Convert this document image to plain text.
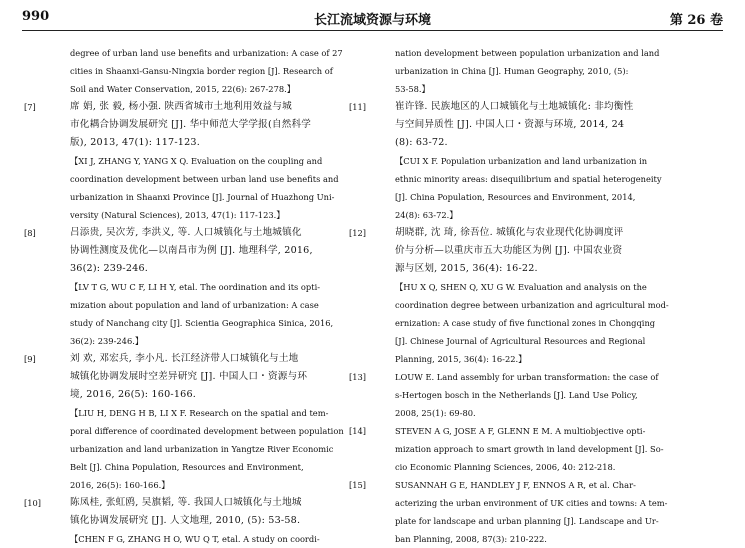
990	长江流域资源与环境	第 26 卷
degree of urban land use benefits and urbanization: A case of 27
cities in Shaanxi-Gansu-Ningxia border region [J]. Research of
Soil and Water Conservation, 2015, 22(6): 267-278.】
[7]	席 娟, 张 毅, 杨小强. 陕西省城市土地利用效益与城
市化耦合协调发展研究 [J]. 华中师范大学学报(自然科学
版), 2013, 47(1): 117-123.
【XI J, ZHANG Y, YANG X Q. Evaluation on the coupling and
coordination development between urban land use benefits and
urbanization in Shaanxi Province [J]. Journal of Huazhong Uni-
versity (Natural Sciences), 2013, 47(1): 117-123.】
[8]	吕添贵, 吴次芳, 李洪义, 等. 人口城镇化与土地城镇化
协调性测度及优化—以南昌市为例 [J]. 地理科学, 2016,
36(2): 239-246.
【LV T G, WU C F, LI H Y, etal. The oordination and its opti-
mization about population and land of urbanization: A case
study of Nanchang city [J]. Scientia Geographica Sinica, 2016,
36(2): 239-246.】
[9]	刘 欢, 邓宏兵, 李小凡. 长江经济带人口城镇化与土地
城镇化协调发展时空差异研究 [J]. 中国人口・资源与环
境, 2016, 26(5): 160-166.
【LIU H, DENG H B, LI X F. Research on the spatial and tem-
poral difference of coordinated development between population
urbanization and land urbanization in Yangtze River Economic
Belt [J]. China Population, Resources and Environment,
2016, 26(5): 160-166.】
[10]	陈凤桂, 张虹鸥, 吴旗韬, 等. 我国人口城镇化与土地城
镇化协调发展研究 [J]. 人文地理, 2010, (5): 53-58.
【CHEN F G, ZHANG H O, WU Q T, etal. A study on coordi-
nation development between population urbanization and land
urbanization in China [J]. Human Geography, 2010, (5):
53-58.】
[11]	崔许锋. 民族地区的人口城镇化与土地城镇化: 非均衡性
与空间异质性 [J]. 中国人口・资源与环境, 2014, 24
(8): 63-72.
【CUI X F. Population urbanization and land urbanization in
ethnic minority areas: disequilibrium and spatial heterogeneity
[J]. China Population, Resources and Environment, 2014,
24(8): 63-72.】
[12]	胡晓群, 沈 琦, 徐吾位. 城镇化与农业现代化协调度评
价与分析—以重庆市五大功能区为例 [J]. 中国农业资
源与区划, 2015, 36(4): 16-22.
【HU X Q, SHEN Q, XU G W. Evaluation and analysis on the
coordination degree between urbanization and agricultural mod-
ernization: A case study of five functional zones in Chongqing
[J]. Chinese Journal of Agricultural Resources and Regional
Planning, 2015, 36(4): 16-22.】
[13]	LOUW E. Land assembly for urban transformation: the case of
s-Hertogen bosch in the Netherlands [J]. Land Use Policy,
2008, 25(1): 69-80.
[14]	STEVEN A G, JOSE A F, GLENN E M. A multiobjective opti-
mization approach to smart growth in land development [J]. So-
cio Economic Planning Sciences, 2006, 40: 212-218.
[15]	SUSANNAH G E, HANDLEY J F, ENNOS A R, et al. Char-
acterizing the urban environment of UK cities and towns: A tem-
plate for landscape and urban planning [J]. Landscape and Ur-
ban Planning, 2008, 87(3): 210-222.
